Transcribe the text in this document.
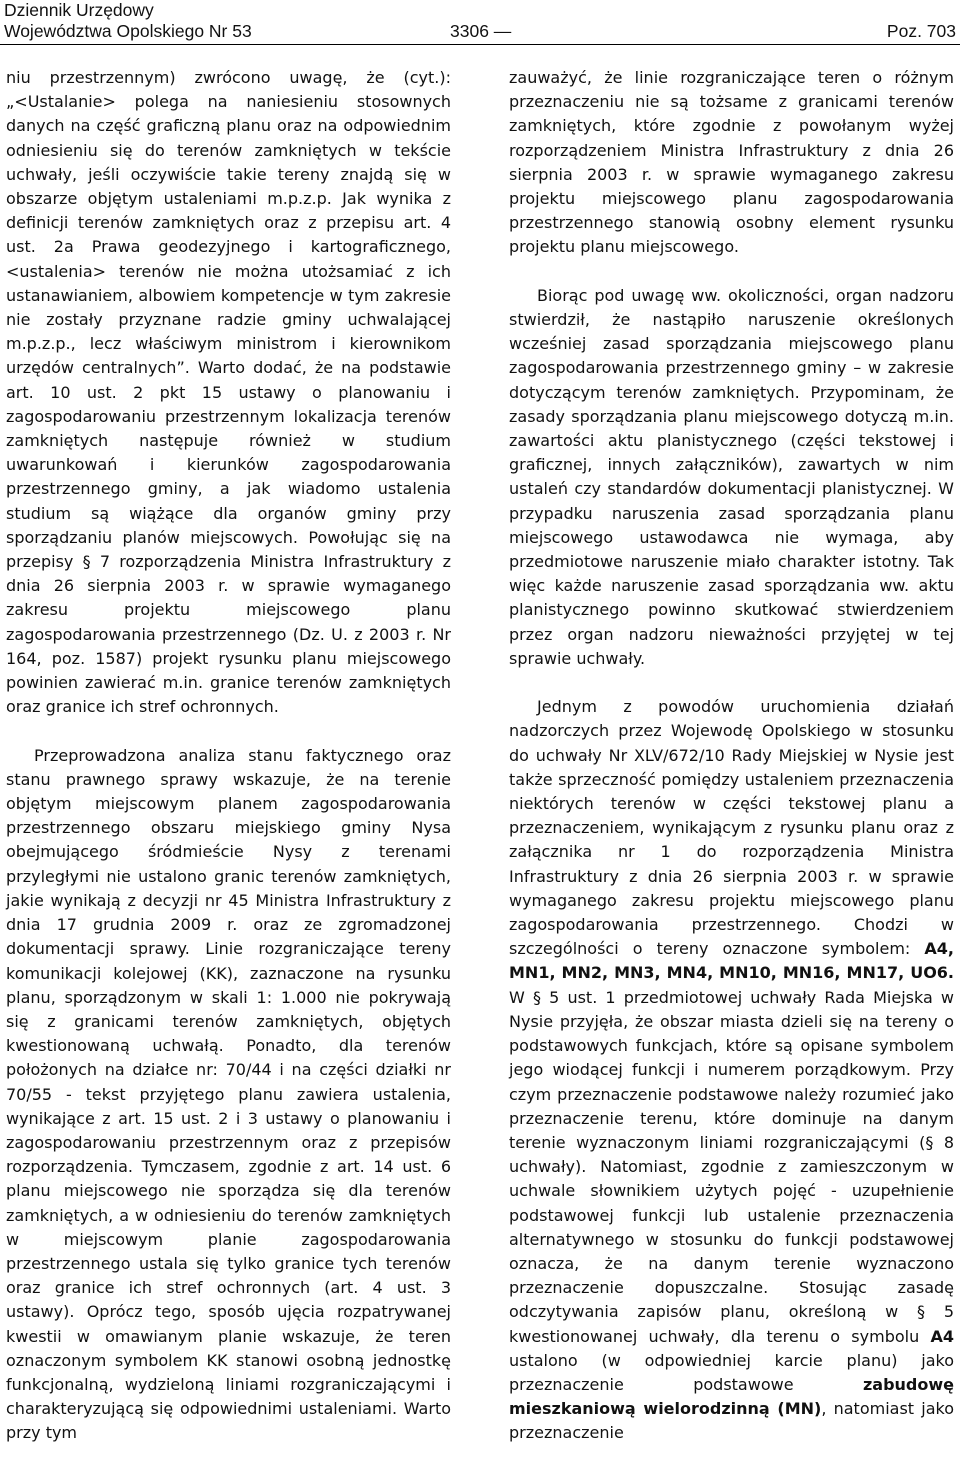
Dziennik Urzędowy
Województwa Opolskiego Nr 53	3306 —	Poz. 703

niu przestrzennym) zwrócono uwagę, że (cyt.): „<Ustalanie> polega na naniesieniu stosownych danych na część graficzną planu oraz na odpowiednim odniesieniu się do terenów zamkniętych w tekście uchwały, jeśli oczywiście takie tereny znajdą się w obszarze objętym ustaleniami m.p.z.p. Jak wynika z definicji terenów zamkniętych oraz z przepisu art. 4 ust. 2a Prawa geodezyjnego i kartograficznego, <ustalenia> terenów nie można utożsamiać z ich ustanawianiem, albowiem kompetencje w tym zakresie nie zostały przyznane radzie gminy uchwalającej m.p.z.p., lecz właściwym ministrom i kierownikom urzędów centralnych”. Warto dodać, że na podstawie art. 10 ust. 2 pkt 15 ustawy o planowaniu i zagospodarowaniu przestrzennym lokalizacja terenów zamkniętych następuje również w studium uwarunkowań i kierunków zagospodarowania przestrzennego gminy, a jak wiadomo ustalenia studium są wiążące dla organów gminy przy sporządzaniu planów miejscowych. Powołując się na przepisy § 7 rozporządzenia Ministra Infrastruktury z dnia 26 sierpnia 2003 r. w sprawie wymaganego zakresu projektu miejscowego planu zagospodarowania przestrzennego (Dz. U. z 2003 r. Nr 164, poz. 1587) projekt rysunku planu miejscowego powinien zawierać m.in. granice terenów zamkniętych oraz granice ich stref ochronnych.

Przeprowadzona analiza stanu faktycznego oraz stanu prawnego sprawy wskazuje, że na terenie objętym miejscowym planem zagospodarowania przestrzennego obszaru miejskiego gminy Nysa obejmującego śródmieście Nysy z terenami przyległymi nie ustalono granic terenów zamkniętych, jakie wynikają z decyzji nr 45 Ministra Infrastruktury z dnia 17 grudnia 2009 r. oraz ze zgromadzonej dokumentacji sprawy. Linie rozgraniczające tereny komunikacji kolejowej (KK), zaznaczone na rysunku planu, sporządzonym w skali 1: 1.000 nie pokrywają się z granicami terenów zamkniętych, objętych kwestionowaną uchwałą. Ponadto, dla terenów położonych na działce nr: 70/44 i na części działki nr 70/55 - tekst przyjętego planu zawiera ustalenia, wynikające z art. 15 ust. 2 i 3 ustawy o planowaniu i zagospodarowaniu przestrzennym oraz z przepisów rozporządzenia. Tymczasem, zgodnie z art. 14 ust. 6 planu miejscowego nie sporządza się dla terenów zamkniętych, a w odniesieniu do terenów zamkniętych w miejscowym planie zagospodarowania przestrzennego ustala się tylko granice tych terenów oraz granice ich stref ochronnych (art. 4 ust. 3 ustawy). Oprócz tego, sposób ujęcia rozpatrywanej kwestii w omawianym planie wskazuje, że teren oznaczonym symbolem KK stanowi osobną jednostkę funkcjonalną, wydzieloną liniami rozgraniczającymi i charakteryzującą się odpowiednimi ustaleniami. Warto przy tym

zauważyć, że linie rozgraniczające teren o różnym przeznaczeniu nie są tożsame z granicami terenów zamkniętych, które zgodnie z powołanym wyżej rozporządzeniem Ministra Infrastruktury z dnia 26 sierpnia 2003 r. w sprawie wymaganego zakresu projektu miejscowego planu zagospodarowania przestrzennego stanowią osobny element rysunku projektu planu miejscowego.

Biorąc pod uwagę ww. okoliczności, organ nadzoru stwierdził, że nastąpiło naruszenie określonych wcześniej zasad sporządzania miejscowego planu zagospodarowania przestrzennego gminy – w zakresie dotyczącym terenów zamkniętych. Przypominam, że zasady sporządzania planu miejscowego dotyczą m.in. zawartości aktu planistycznego (części tekstowej i graficznej, innych załączników), zawartych w nim ustaleń czy standardów dokumentacji planistycznej. W przypadku naruszenia zasad sporządzania planu miejscowego ustawodawca nie wymaga, aby przedmiotowe naruszenie miało charakter istotny. Tak więc każde naruszenie zasad sporządzania ww. aktu planistycznego powinno skutkować stwierdzeniem przez organ nadzoru nieważności przyjętej w tej sprawie uchwały.

Jednym z powodów uruchomienia działań nadzorczych przez Wojewodę Opolskiego w stosunku do uchwały Nr XLV/672/10 Rady Miejskiej w Nysie jest także sprzeczność pomiędzy ustaleniem przeznaczenia niektórych terenów w części tekstowej planu a przeznaczeniem, wynikającym z rysunku planu oraz z załącznika nr 1 do rozporządzenia Ministra Infrastruktury z dnia 26 sierpnia 2003 r. w sprawie wymaganego zakresu projektu miejscowego planu zagospodarowania przestrzennego. Chodzi w szczególności o tereny oznaczone symbolem: A4, MN1, MN2, MN3, MN4, MN10, MN16, MN17, UO6. W § 5 ust. 1 przedmiotowej uchwały Rada Miejska w Nysie przyjęła, że obszar miasta dzieli się na tereny o podstawowych funkcjach, które są opisane symbolem jego wiodącej funkcji i numerem porządkowym. Przy czym przeznaczenie podstawowe należy rozumieć jako przeznaczenie terenu, które dominuje na danym terenie wyznaczonym liniami rozgraniczającymi (§ 8 uchwały). Natomiast, zgodnie z zamieszczonym w uchwale słownikiem użytych pojęć - uzupełnienie podstawowej funkcji lub ustalenie przeznaczenia alternatywnego w stosunku do funkcji podstawowej oznacza, że na danym terenie wyznaczono przeznaczenie dopuszczalne. Stosując zasadę odczytywania zapisów planu, określoną w § 5 kwestionowanej uchwały, dla terenu o symbolu A4 ustalono (w odpowiedniej karcie planu) jako przeznaczenie podstawowe	zabudowę mieszkaniową wielorodzinną (MN), natomiast jako przeznaczenie
